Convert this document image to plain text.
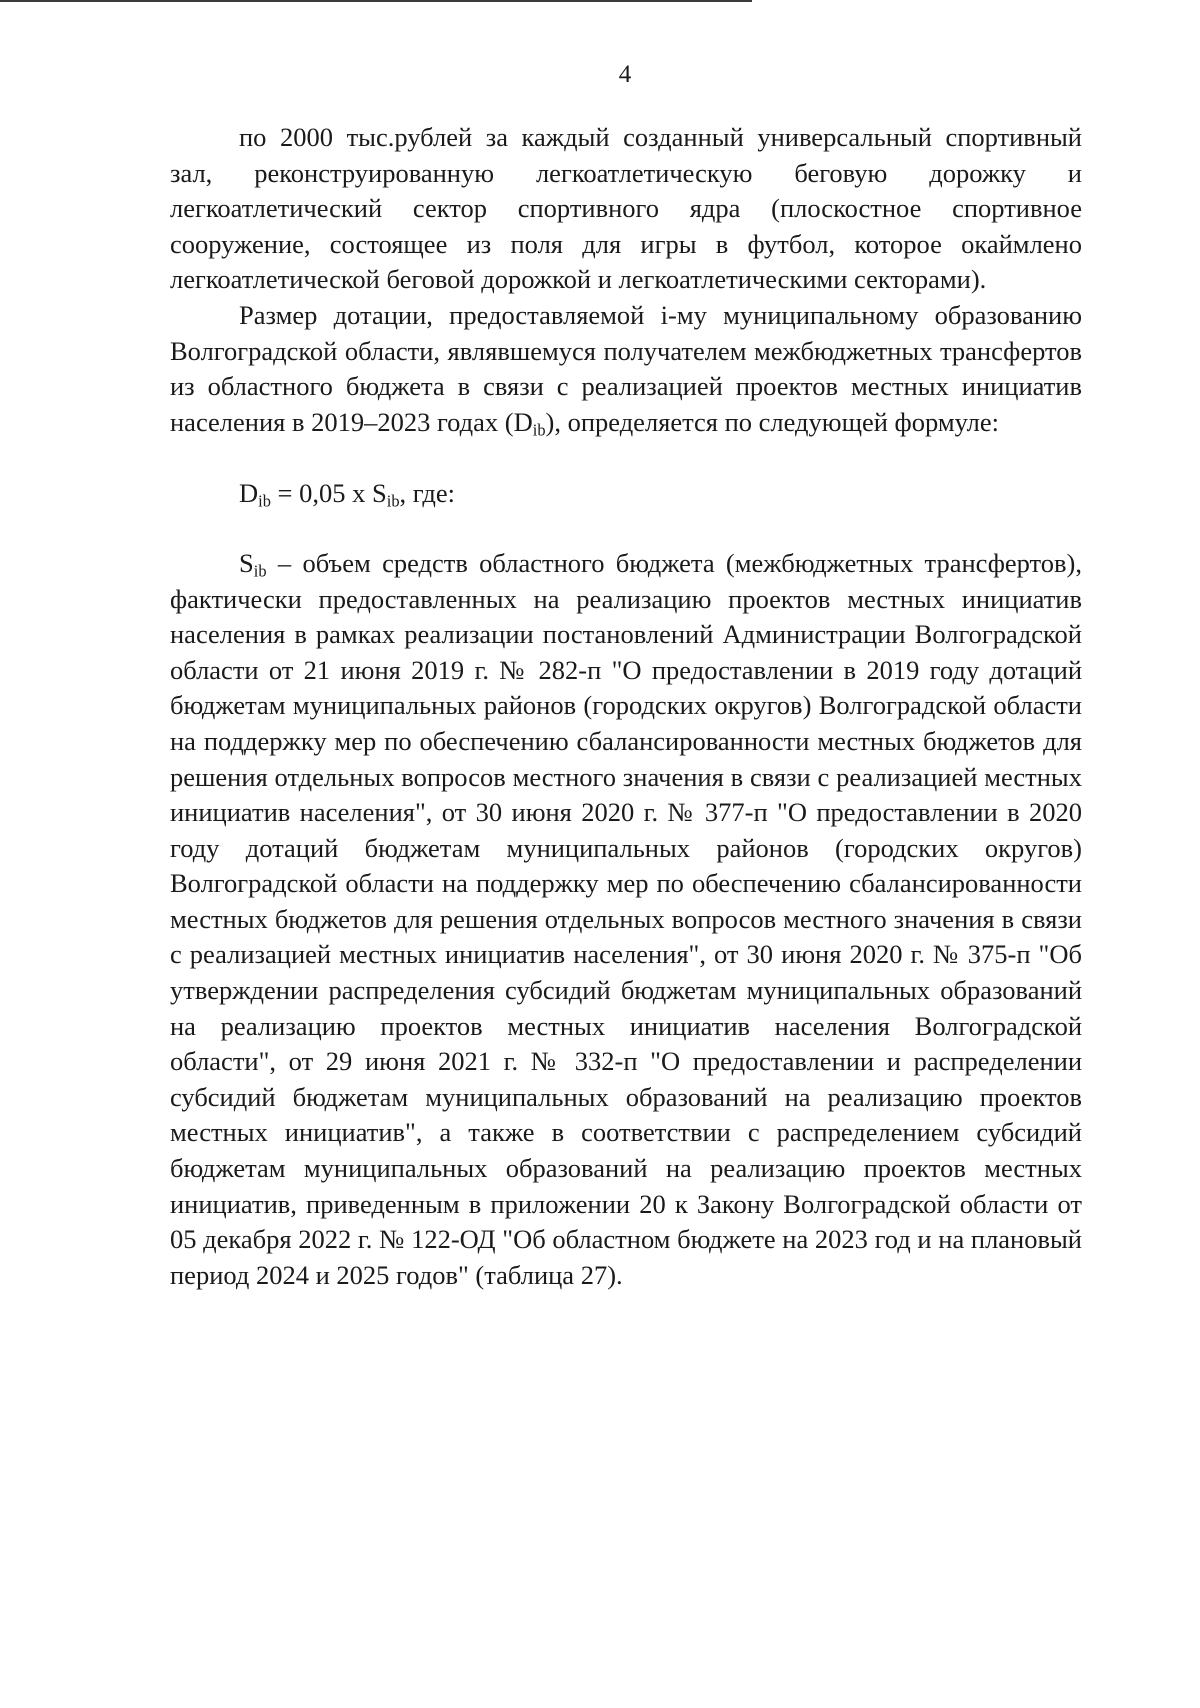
4

по 2000 тыс.рублей за каждый созданный универсальный спортивный зал, реконструированную легкоатлетическую беговую дорожку и легкоатлетический сектор спортивного ядра (плоскостное спортивное сооружение, состоящее из поля для игры в футбол, которое окаймлено легкоатлетической беговой дорожкой и легкоатлетическими секторами).

Размер дотации, предоставляемой i-му муниципальному образованию Волгоградской области, являвшемуся получателем межбюджетных трансфертов из областного бюджета в связи с реализацией проектов местных инициатив населения в 2019–2023 годах $(D_{ib})$, определяется по следующей формуле:

$D_{ib} = 0,05$ x $S_{ib}$, где:

$S_{ib}$ – объем средств областного бюджета (межбюджетных трансфертов), фактически предоставленных на реализацию проектов местных инициатив населения в рамках реализации постановлений Администрации Волгоградской области от 21 июня 2019 г. № 282-п "О предоставлении в 2019 году дотаций бюджетам муниципальных районов (городских округов) Волгоградской области на поддержку мер по обеспечению сбалансированности местных бюджетов для решения отдельных вопросов местного значения в связи с реализацией местных инициатив населения", от 30 июня 2020 г. № 377-п "О предоставлении в 2020 году дотаций бюджетам муниципальных районов (городских округов) Волгоградской области на поддержку мер по обеспечению сбалансированности местных бюджетов для решения отдельных вопросов местного значения в связи с реализацией местных инициатив населения", от 30 июня 2020 г. № 375-п "Об утверждении распределения субсидий бюджетам муниципальных образований на реализацию проектов местных инициатив населения Волгоградской области", от 29 июня 2021 г. № 332-п "О предоставлении и распределении субсидий бюджетам муниципальных образований на реализацию проектов местных инициатив", а также в соответствии с распределением субсидий бюджетам муниципальных образований на реализацию проектов местных инициатив, приведенным в приложении 20 к Закону Волгоградской области от 05 декабря 2022 г. № 122-ОД "Об областном бюджете на 2023 год и на плановый период 2024 и 2025 годов" (таблица 27).
